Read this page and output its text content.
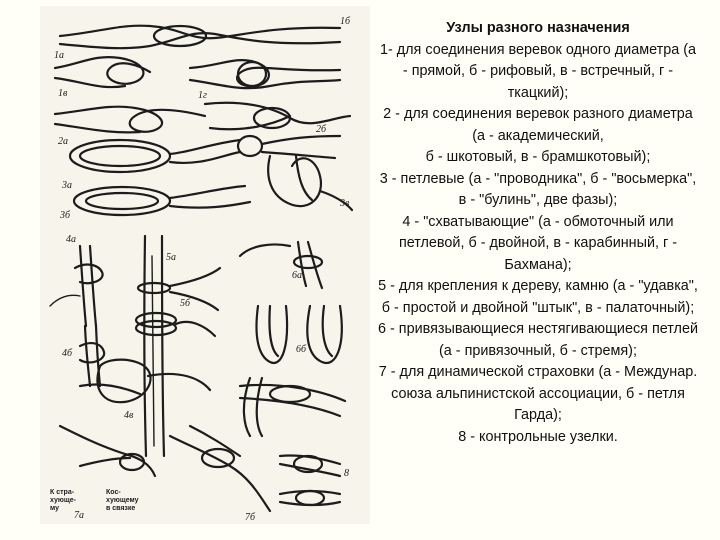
1б
1в	1г
2а
2б
3а
3б
3в
4а
5а
5б
6а
4б	6б
4в
К стра-
хующе-
му
Кос-
хующему
в связке
7а	7б
8
1а
Узлы разного назначения
1- для соединения веревок одного диаметра (а - прямой, б - рифовый, в - встречный, г - ткацкий);
2 - для соединения веревок разного диаметра (а - академический,
б - шкотовый, в - брамшкотовый);
3 - петлевые (а - "проводника", б - "восьмерка", в - "булинь", две фазы);
4 - "схватывающие" (а - обмоточный или петлевой, б - двойной, в - карабинный, г - Бахмана);
5 - для крепления к дереву, камню (а - "удавка", б - простой и двойной "штык", в - палаточный);
6 - привязывающиеся нестягивающиеся петлей (а - привязочный, б - стремя);
7 - для динамической страховки (а - Междунар. союза альпинистской ассоциации, б - петля Гарда);
8 - контрольные узелки.
